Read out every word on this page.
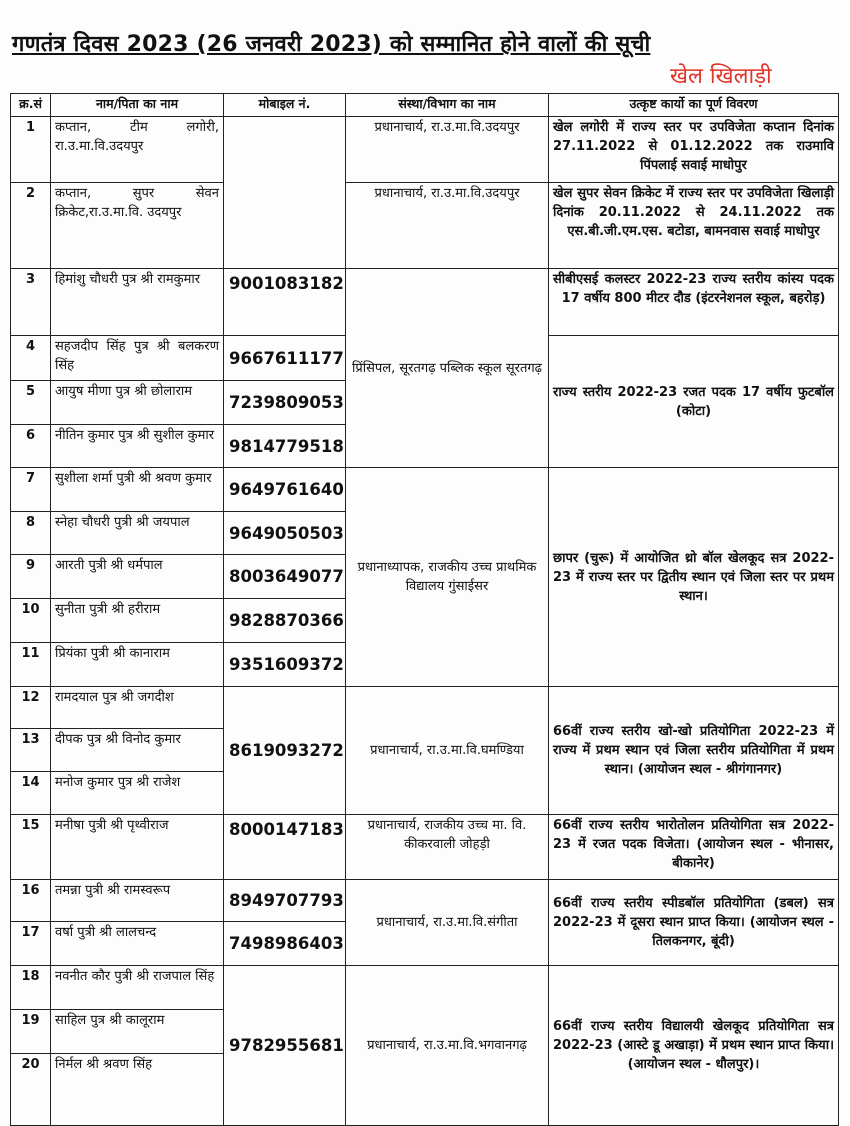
गणतंत्र दिवस 2023 (26 जनवरी 2023) को सम्मानित होने वालों की सूची
खेल खिलाड़ी
क्र.सं	नाम/पिता का नाम	मोबाइल नं.	संस्था/विभाग का नाम	उत्कृष्ट कार्यो का पूर्ण विवरण
1	कप्तान, टीम लगोरी, रा.उ.मा.वि.उदयपुर		प्रधानाचार्य, रा.उ.मा.वि.उदयपुर	खेल लगोरी में राज्य स्तर पर उपविजेता कप्तान दिनांक 27.11.2022 से 01.12.2022 तक राउमावि पिंपलाई सवाई माधोपुर
2	कप्तान, सुपर सेवन क्रिकेट,रा.उ.मा.वि. उदयपुर		प्रधानाचार्य, रा.उ.मा.वि.उदयपुर	खेल सुपर सेवन क्रिकेट में राज्य स्तर पर उपविजेता खिलाड़ी दिनांक 20.11.2022 से 24.11.2022 तक एस.बी.जी.एम.एस. बटोडा, बामनवास सवाई माधोपुर
3	हिमांशु चौधरी पुत्र श्री रामकुमार	9001083182	प्रिंसिपल, सूरतगढ़ पब्लिक स्कूल सूरतगढ़	सीबीएसई कलस्टर 2022-23 राज्य स्तरीय कांस्य पदक 17 वर्षीय 800 मीटर दौड (इंटरनेशनल स्कूल, बहरोड़)
4	सहजदीप सिंह पुत्र श्री बलकरण सिंह	9667611177		राज्य स्तरीय 2022-23 रजत पदक 17 वर्षीय फुटबॉल (कोटा)
5	आयुष मीणा पुत्र श्री छोलाराम	7239809053		
6	नीतिन कुमार पुत्र श्री सुशील कुमार	9814779518		
7	सुशीला शर्मा पुत्री श्री श्रवण कुमार	9649761640	प्रधानाध्यापक, राजकीय उच्च प्राथमिक विद्यालय गुंसाईसर	छापर (चुरू) में आयोजित थ्रो बॉल खेलकूद सत्र 2022-23 में राज्य स्तर पर द्वितीय स्थान एवं जिला स्तर पर प्रथम स्थान।
8	स्नेहा चौधरी पुत्री श्री जयपाल	9649050503		
9	आरती पुत्री श्री धर्मपाल	8003649077		
10	सुनीता पुत्री श्री हरीराम	9828870366		
11	प्रियंका पुत्री श्री कानाराम	9351609372		
12	रामदयाल पुत्र श्री जगदीश	8619093272	प्रधानाचार्य, रा.उ.मा.वि.घमण्डिया	66वीं राज्य स्तरीय खो-खो प्रतियोगिता 2022-23 में राज्य में प्रथम स्थान एवं जिला स्तरीय प्रतियोगिता में प्रथम स्थान। (आयोजन स्थल - श्रीगंगानगर)
13	दीपक पुत्र श्री विनोद कुमार			
14	मनोज कुमार पुत्र श्री राजेश			
15	मनीषा पुत्री श्री पृथ्वीराज	8000147183	प्रधानाचार्य, राजकीय उच्च मा. वि. कीकरवाली जोहड़ी	66वीं राज्य स्तरीय भारोतोलन प्रतियोगिता सत्र 2022-23 में रजत पदक विजेता। (आयोजन स्थल - भीनासर, बीकानेर)
16	तमन्ना पुत्री श्री रामस्वरूप	8949707793	प्रधानाचार्य, रा.उ.मा.वि.संगीता	66वीं राज्य स्तरीय स्पीडबॉल प्रतियोगिता (डबल) सत्र 2022-23 में दूसरा स्थान प्राप्त किया। (आयोजन स्थल - तिलकनगर, बूंदी)
17	वर्षा पुत्री श्री लालचन्द	7498986403		
18	नवनीत कौर पुत्री श्री राजपाल सिंह	9782955681	प्रधानाचार्य, रा.उ.मा.वि.भगवानगढ़	66वीं राज्य स्तरीय विद्यालयी खेलकूद प्रतियोगिता सत्र 2022-23 (आस्टे डू अखाड़ा) में प्रथम स्थान प्राप्त किया। (आयोजन स्थल - धौलपुर)।
19	साहिल पुत्र श्री कालूराम			
20	निर्मल श्री श्रवण सिंह			
